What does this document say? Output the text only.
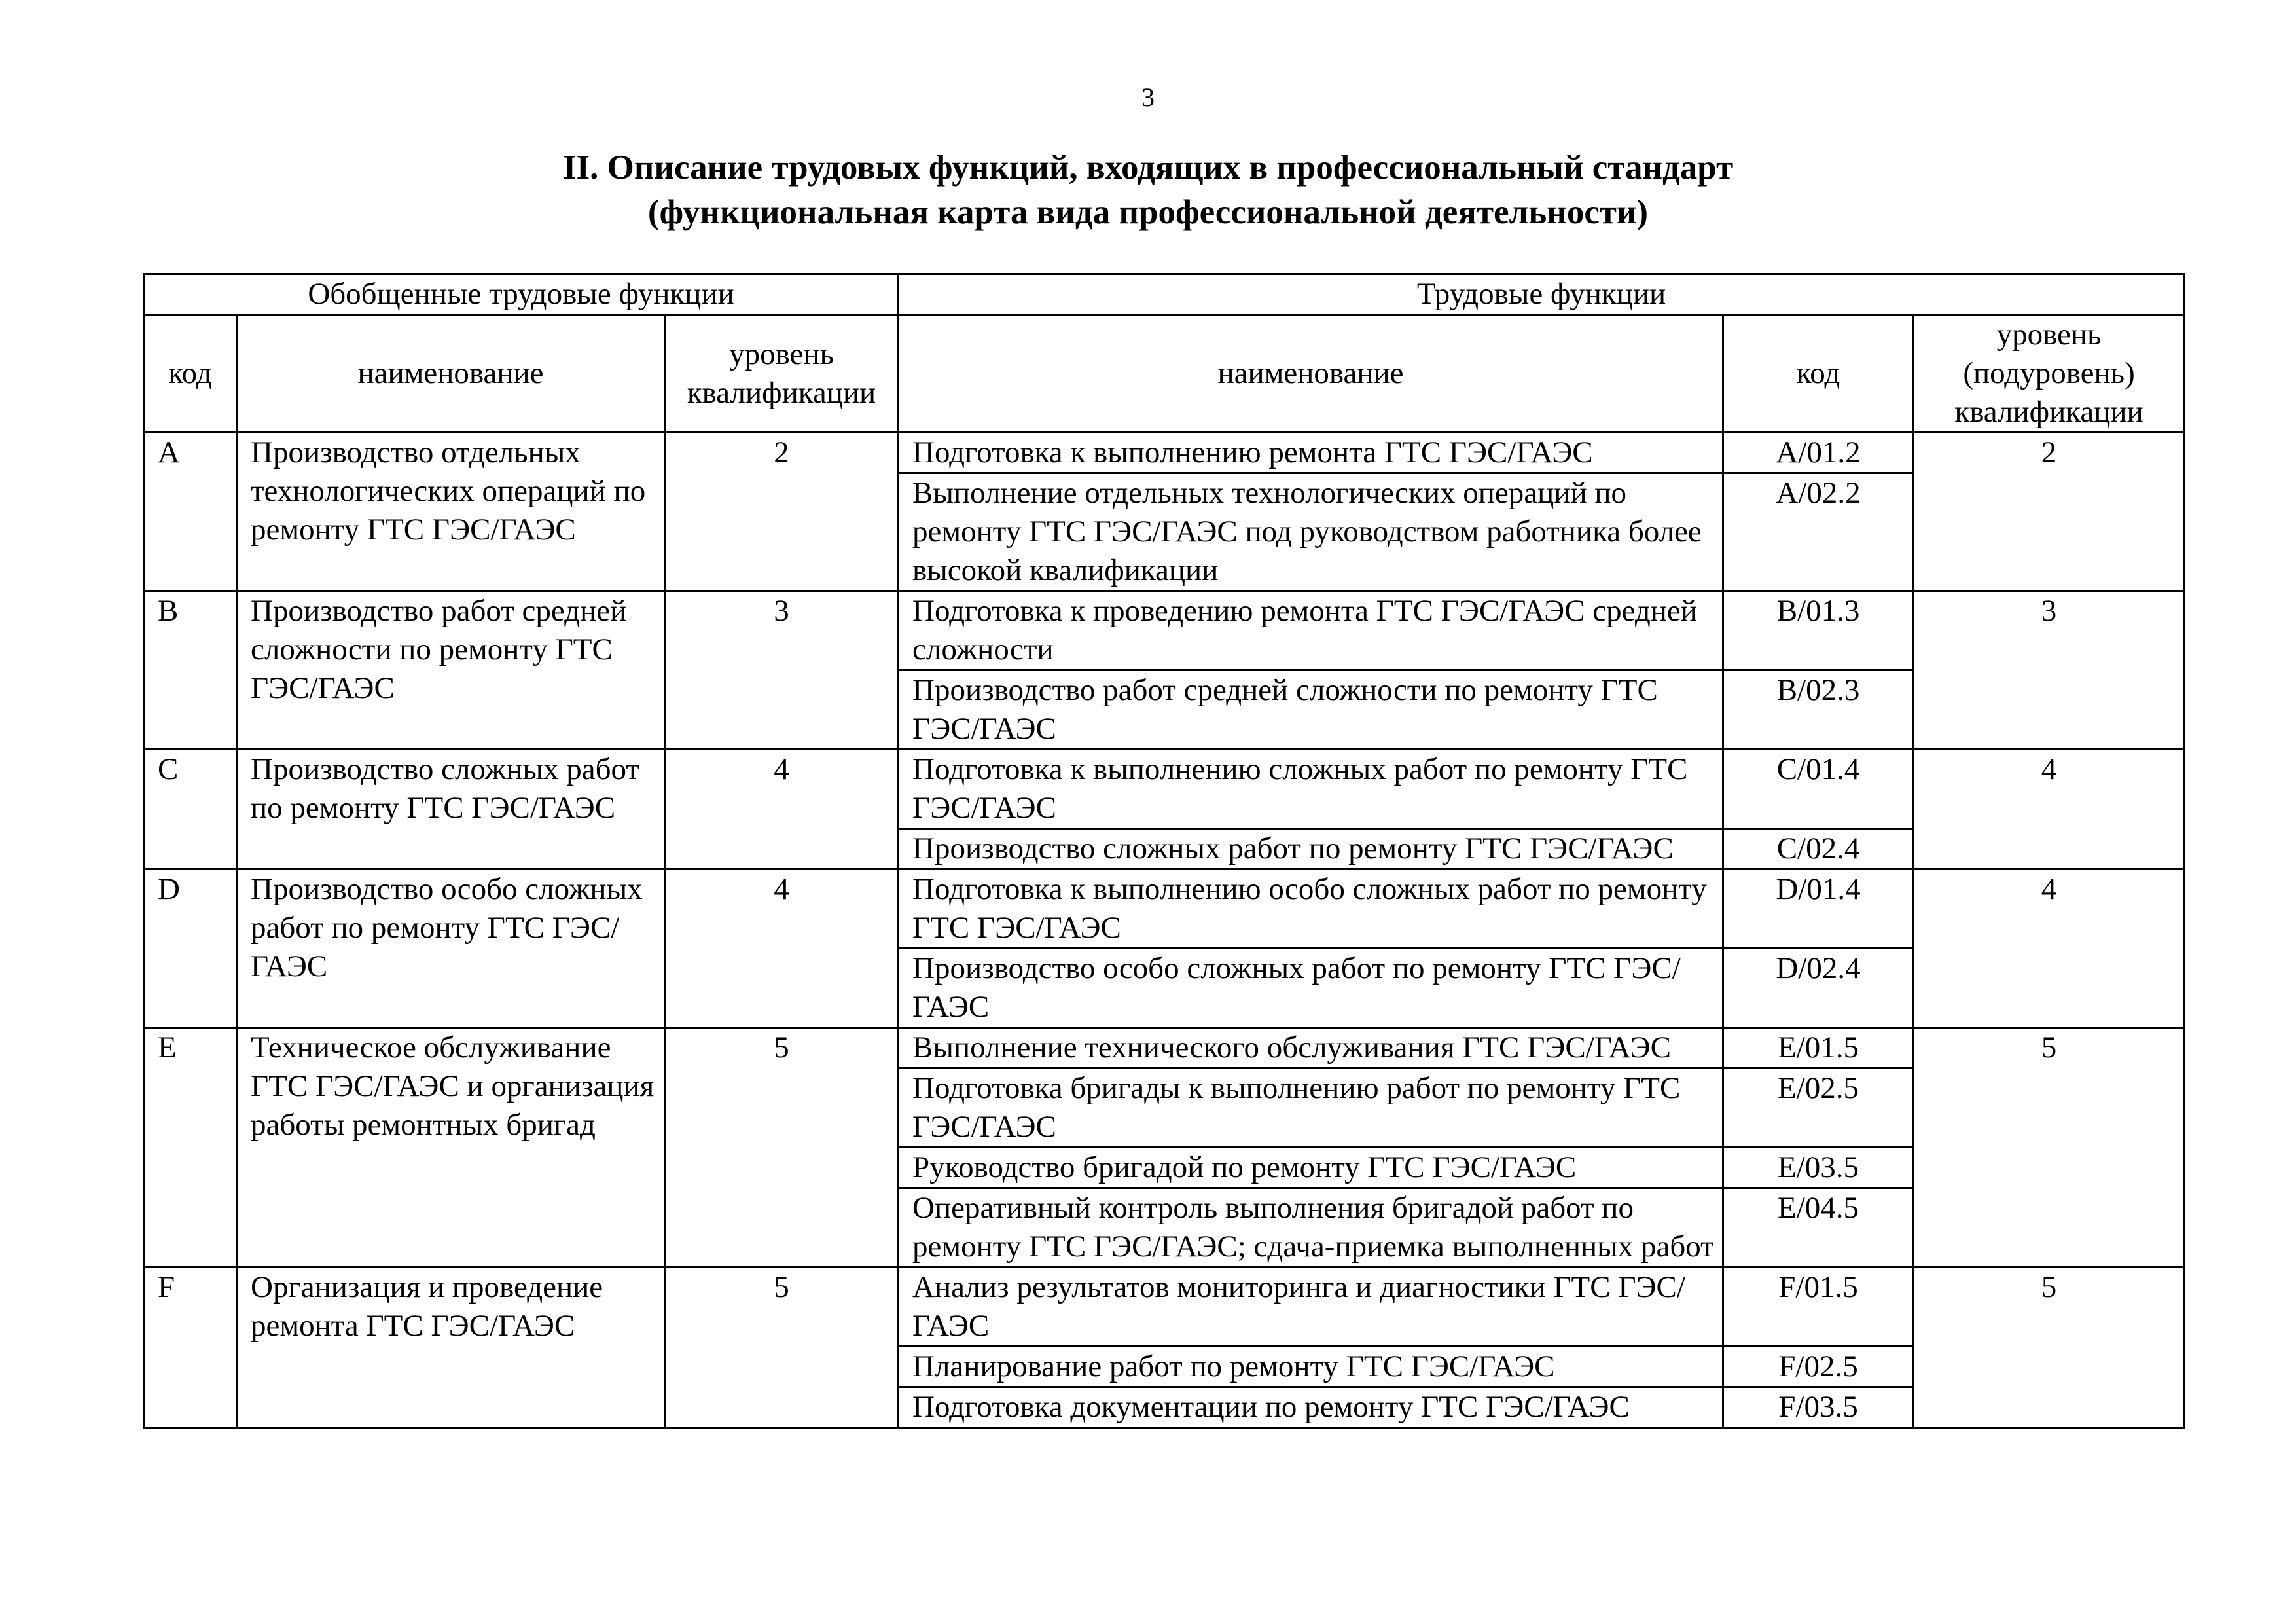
3
II. Описание трудовых функций, входящих в профессиональный стандарт
(функциональная карта вида профессиональной деятельности)
Обобщенные трудовые функции			Трудовые функции		
код	наименование	уровень квалификации	наименование	код	уровень (подуровень) квалификации
A	Производство отдельных технологических операций по ремонту ГТС ГЭС/ГАЭС	2	Подготовка к выполнению ремонта ГТС ГЭС/ГАЭС	A/01.2	2
			Выполнение отдельных технологических операций по ремонту ГТС ГЭС/ГАЭС под руководством работника более высокой квалификации	A/02.2	
B	Производство работ средней сложности по ремонту ГТС ГЭС/ГАЭС	3	Подготовка к проведению ремонта ГТС ГЭС/ГАЭС средней сложности	B/01.3	3
			Производство работ средней сложности по ремонту ГТС ГЭС/ГАЭС	B/02.3	
C	Производство сложных работ по ремонту ГТС ГЭС/ГАЭС	4	Подготовка к выполнению сложных работ по ремонту ГТС ГЭС/ГАЭС	C/01.4	4
			Производство сложных работ по ремонту ГТС ГЭС/ГАЭС	C/02.4	
D	Производство особо сложных работ по ремонту ГТС ГЭС/ГАЭС	4	Подготовка к выполнению особо сложных работ по ремонту ГТС ГЭС/ГАЭС	D/01.4	4
			Производство особо сложных работ по ремонту ГТС ГЭС/ГАЭС	D/02.4	
E	Техническое обслуживание ГТС ГЭС/ГАЭС и организация работы ремонтных бригад	5	Выполнение технического обслуживания ГТС ГЭС/ГАЭС	E/01.5	5
			Подготовка бригады к выполнению работ по ремонту ГТС ГЭС/ГАЭС	E/02.5	
			Руководство бригадой по ремонту ГТС ГЭС/ГАЭС	E/03.5	
			Оперативный контроль выполнения бригадой работ по ремонту ГТС ГЭС/ГАЭС; сдача-приемка выполненных работ	E/04.5	
F	Организация и проведение ремонта ГТС ГЭС/ГАЭС	5	Анализ результатов мониторинга и диагностики ГТС ГЭС/ГАЭС	F/01.5	5
			Планирование работ по ремонту ГТС ГЭС/ГАЭС	F/02.5	
			Подготовка документации по ремонту ГТС ГЭС/ГАЭС	F/03.5	
